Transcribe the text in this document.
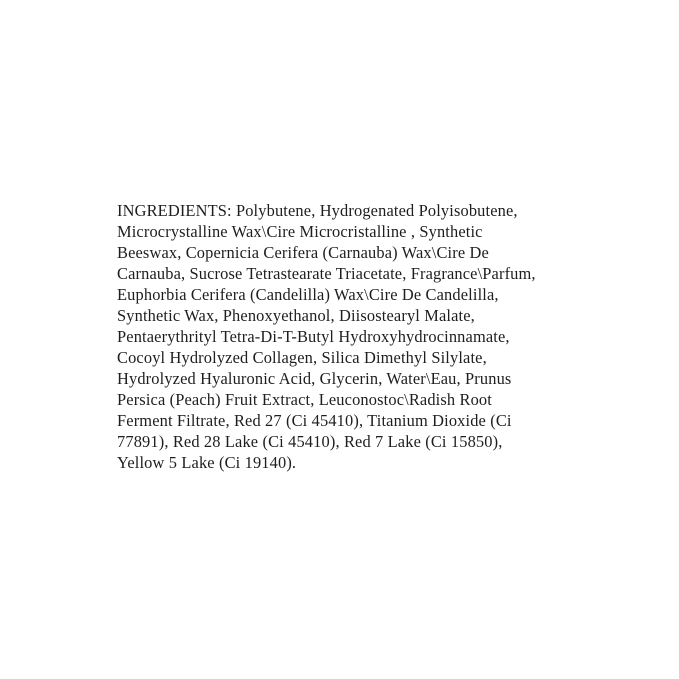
INGREDIENTS: Polybutene, Hydrogenated Polyisobutene,
Microcrystalline Wax\Cire Microcristalline , Synthetic
Beeswax, Copernicia Cerifera (Carnauba) Wax\Cire De
Carnauba, Sucrose Tetrastearate Triacetate, Fragrance\Parfum,
Euphorbia Cerifera (Candelilla) Wax\Cire De Candelilla,
Synthetic Wax, Phenoxyethanol, Diisostearyl Malate,
Pentaerythrityl Tetra-Di-T-Butyl Hydroxyhydrocinnamate,
Cocoyl Hydrolyzed Collagen, Silica Dimethyl Silylate,
Hydrolyzed Hyaluronic Acid, Glycerin, Water\Eau, Prunus
Persica (Peach) Fruit Extract, Leuconostoc\Radish Root
Ferment Filtrate, Red 27 (Ci 45410), Titanium Dioxide (Ci
77891), Red 28 Lake (Ci 45410), Red 7 Lake (Ci 15850),
Yellow 5 Lake (Ci 19140).
